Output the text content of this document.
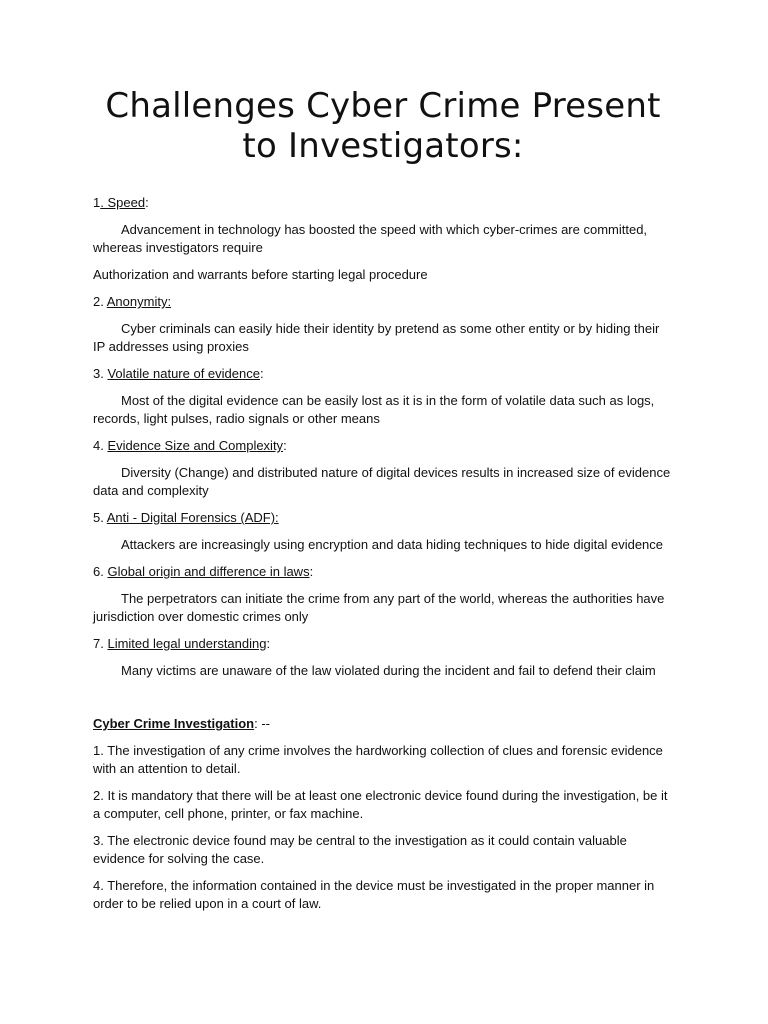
Challenges Cyber Crime Present
to Investigators:

1. Speed:

Advancement in technology has boosted the speed with which cyber-crimes are committed, whereas investigators require

Authorization and warrants before starting legal procedure

2. Anonymity:

Cyber criminals can easily hide their identity by pretend as some other entity or by hiding their IP addresses using proxies

3. Volatile nature of evidence:

Most of the digital evidence can be easily lost as it is in the form of volatile data such as logs, records, light pulses, radio signals or other means

4. Evidence Size and Complexity:

Diversity (Change) and distributed nature of digital devices results in increased size of evidence data and complexity

5. Anti - Digital Forensics (ADF):

Attackers are increasingly using encryption and data hiding techniques to hide digital evidence

6. Global origin and difference in laws:

The perpetrators can initiate the crime from any part of the world, whereas the authorities have jurisdiction over domestic crimes only

7. Limited legal understanding:

Many victims are unaware of the law violated during the incident and fail to defend their claim

Cyber Crime Investigation: --

1. The investigation of any crime involves the hardworking collection of clues and forensic evidence with an attention to detail.

2. It is mandatory that there will be at least one electronic device found during the investigation, be it a computer, cell phone, printer, or fax machine.

3. The electronic device found may be central to the investigation as it could contain valuable evidence for solving the case.

4. Therefore, the information contained in the device must be investigated in the proper manner in order to be relied upon in a court of law.
